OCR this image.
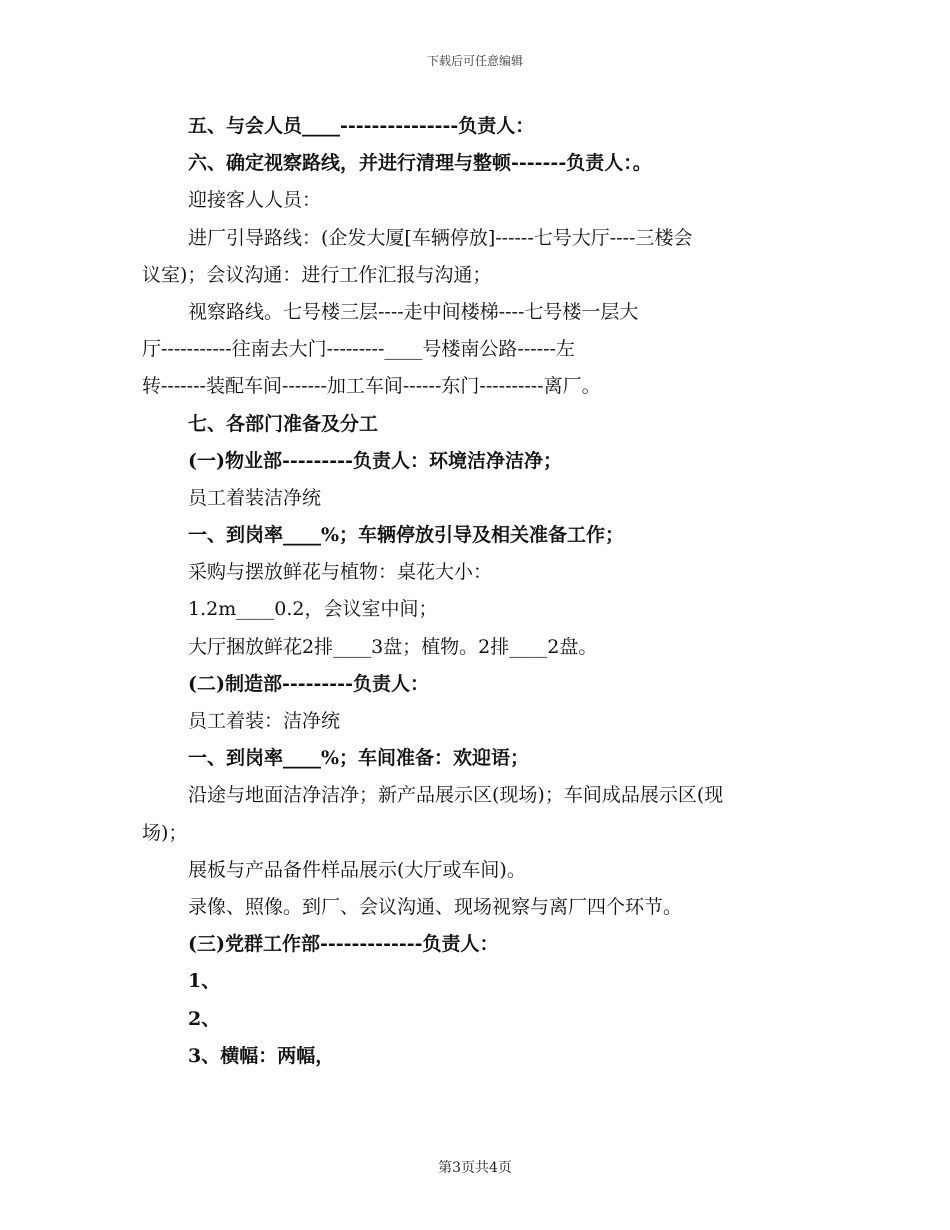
下载后可任意编辑
五、与会人员____---------------负责人：
六、确定视察路线，并进行清理与整顿-------负责人：。
迎接客人人员：
进厂引导路线：(企发大厦[车辆停放]------七号大厅----三楼会
议室)；会议沟通：进行工作汇报与沟通；
视察路线。七号楼三层----走中间楼梯----七号楼一层大
厅-----------往南去大门---------____号楼南公路------左
转-------装配车间-------加工车间------东门----------离厂。
七、各部门准备及分工
(一)物业部---------负责人：环境洁净洁净；
员工着装洁净统
一、到岗率____%；车辆停放引导及相关准备工作；
采购与摆放鲜花与植物：桌花大小：
1.2m____0.2，会议室中间；
大厅捆放鲜花2排____3盘；植物。2排____2盘。
(二)制造部---------负责人：
员工着装：洁净统
一、到岗率____%；车间准备：欢迎语；
沿途与地面洁净洁净；新产品展示区(现场)；车间成品展示区(现
场)；
展板与产品备件样品展示(大厅或车间)。
录像、照像。到厂、会议沟通、现场视察与离厂四个环节。
(三)党群工作部-------------负责人：
1、
2、
3、横幅：两幅，
第3页共4页
